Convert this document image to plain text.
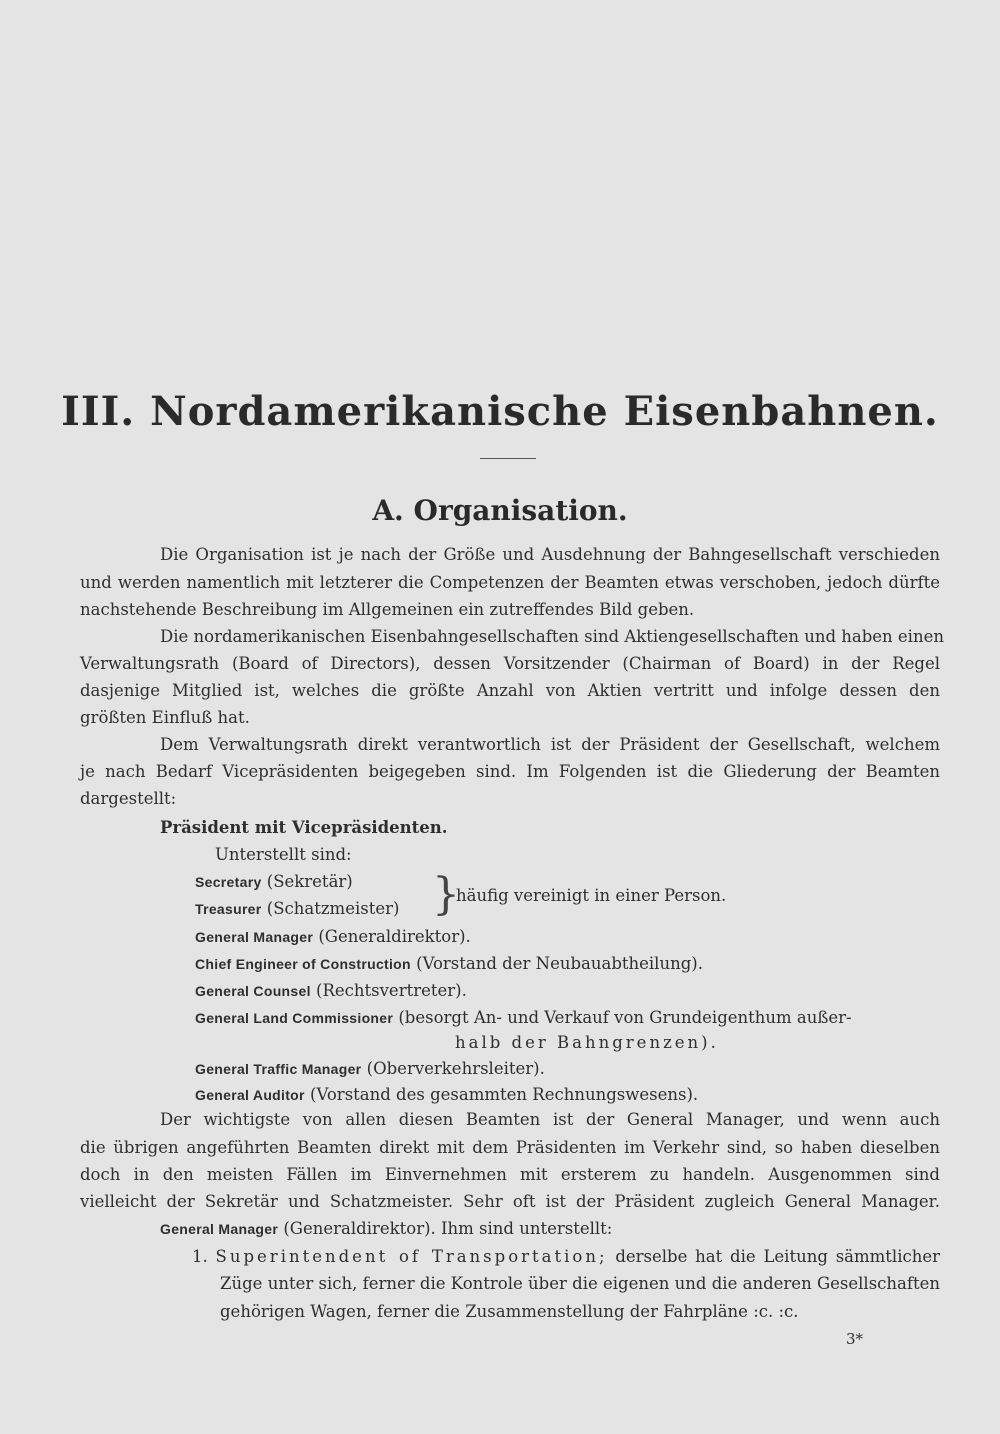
III. Nordamerikanische Eisenbahnen.
A. Organisation.
Die Organisation ist je nach der Größe und Ausdehnung der Bahngesellschaft verschieden
und werden namentlich mit letzterer die Competenzen der Beamten etwas verschoben, jedoch dürfte
nachstehende Beschreibung im Allgemeinen ein zutreffendes Bild geben.
Die nordamerikanischen Eisenbahngesellschaften sind Aktiengesellschaften und haben einen
Verwaltungsrath (Board of Directors), dessen Vorsitzender (Chairman of Board) in der Regel
dasjenige Mitglied ist, welches die größte Anzahl von Aktien vertritt und infolge dessen den
größten Einfluß hat.
Dem Verwaltungsrath direkt verantwortlich ist der Präsident der Gesellschaft, welchem
je nach Bedarf Vicepräsidenten beigegeben sind. Im Folgenden ist die Gliederung der Beamten
dargestellt:
Präsident mit Vicepräsidenten.
Unterstellt sind:
Secretary (Sekretär)
Treasurer (Schatzmeister) }
häufig vereinigt in einer Person.
General Manager (Generaldirektor).
Chief Engineer of Construction (Vorstand der Neubauabtheilung).
General Counsel (Rechtsvertreter).
General Land Commissioner (besorgt An- und Verkauf von Grundeigenthum außer-
halb der Bahngrenzen).
General Traffic Manager (Oberverkehrsleiter).
General Auditor (Vorstand des gesammten Rechnungswesens).
Der wichtigste von allen diesen Beamten ist der General Manager, und wenn auch
die übrigen angeführten Beamten direkt mit dem Präsidenten im Verkehr sind, so haben dieselben
doch in den meisten Fällen im Einvernehmen mit ersterem zu handeln. Ausgenommen sind
vielleicht der Sekretär und Schatzmeister. Sehr oft ist der Präsident zugleich General Manager.
General Manager (Generaldirektor). Ihm sind unterstellt:
1. Superintendent of Transportation; derselbe hat die Leitung sämmtlicher
Züge unter sich, ferner die Kontrole über die eigenen und die anderen Gesellschaften
gehörigen Wagen, ferner die Zusammenstellung der Fahrpläne :c. :c.
3*
